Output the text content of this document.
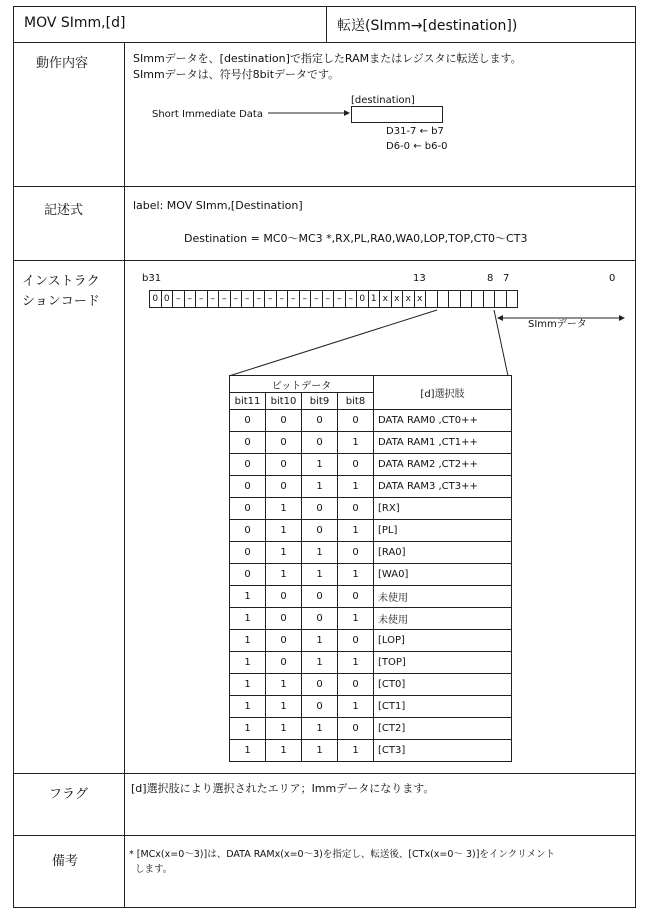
MOV SImm,[d]	転送(SImm→[destination])
動作内容	SImmデータを、[destination]で指定したRAMまたはレジスタに転送します。
SImmデータは、符号付8bitデータです。
[destination]
Short Immediate Data
D31-7 ← b7
D6-0 ← b6-0
記述式	label: MOV SImm,[Destination]
Destination = MC0～MC3 *,RX,PL,RA0,WA0,LOP,TOP,CT0～CT3
インストラク
ションコード
b31	13	8 7	0
0 0 – – – – – – – – – – – – – – – – 0 1 x x x x
SImmデータ
ビットデータ				[d]選択肢
bit11	bit10	bit9	bit8	
0	0	0	0	DATA RAM0 ,CT0++
0	0	0	1	DATA RAM1 ,CT1++
0	0	1	0	DATA RAM2 ,CT2++
0	0	1	1	DATA RAM3 ,CT3++
0	1	0	0	[RX]
0	1	0	1	[PL]
0	1	1	0	[RA0]
0	1	1	1	[WA0]
1	0	0	0	未使用
1	0	0	1	未使用
1	0	1	0	[LOP]
1	0	1	1	[TOP]
1	1	0	0	[CT0]
1	1	0	1	[CT1]
1	1	1	0	[CT2]
1	1	1	1	[CT3]
フラグ	[d]選択肢により選択されたエリア；Immデータになります。
備考	* [MCx(x=0～3)]は、DATA RAMx(x=0～3)を指定し、転送後、[CTx(x=0～ 3)]をインクリメント
します。
